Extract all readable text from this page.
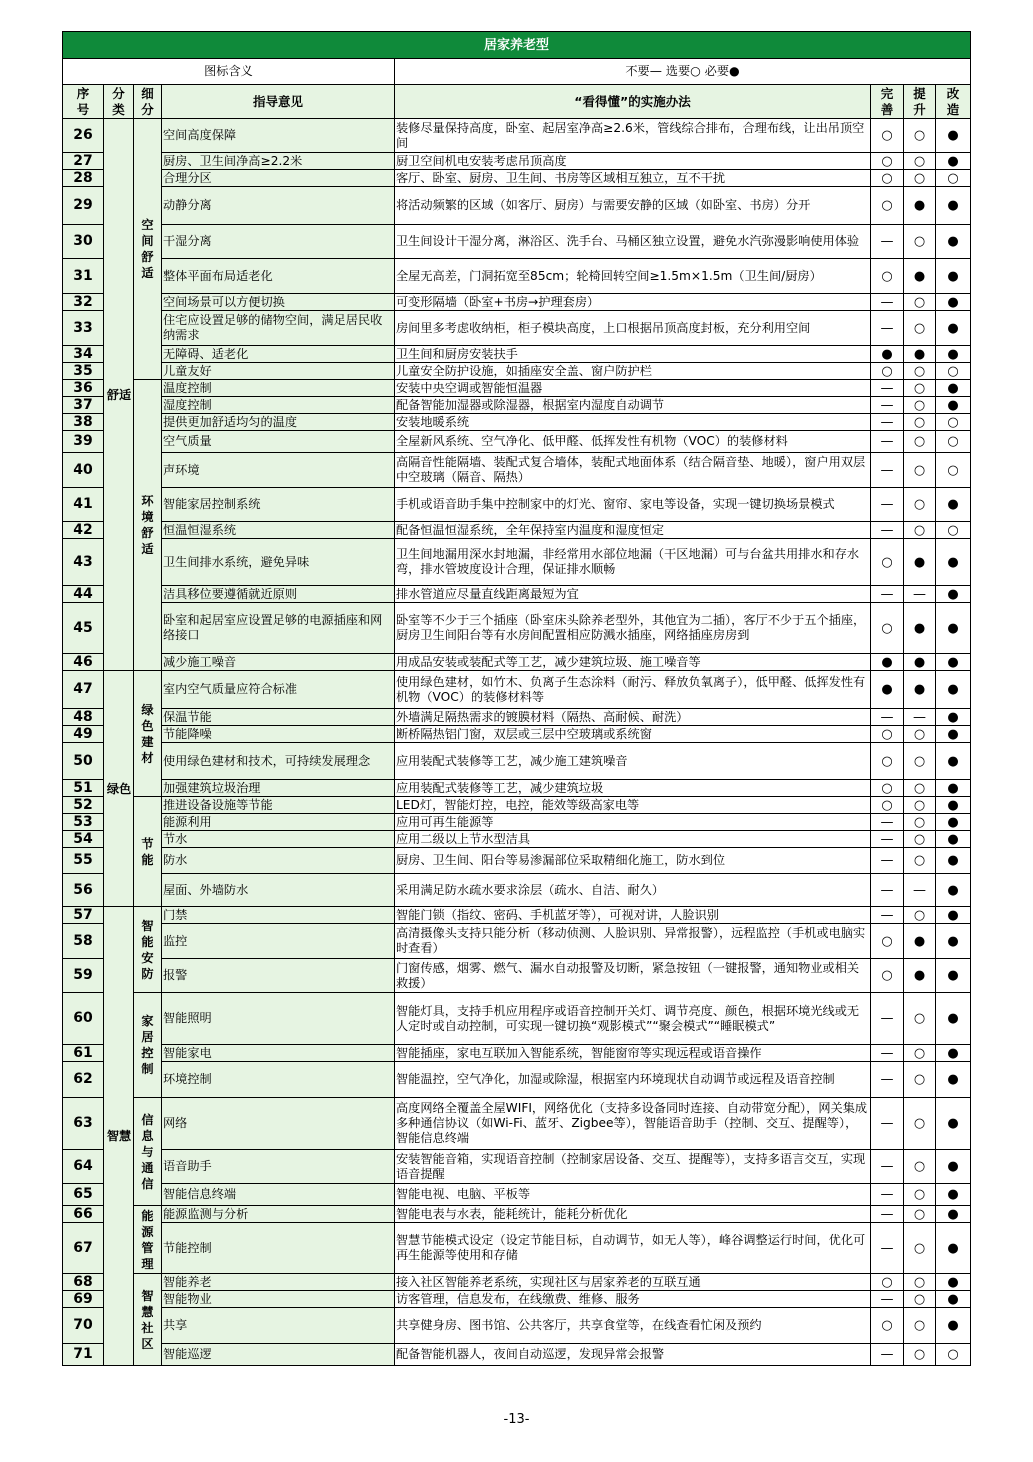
居家养老型							
图标含义				不要— 选要○ 必要●			
序号	分类	细分	指导意见	“看得懂”的实施办法	完善	提升	改造
26	舒适	空间舒适	空间高度保障	装修尽量保持高度，卧室、起居室净高≥2.6米，管线综合排布，合理布线，让出吊顶空间	○	○	●
27			厨房、卫生间净高≥2.2米	厨卫空间机电安装考虑吊顶高度	○	○	●
28			合理分区	客厅、卧室、厨房、卫生间、书房等区域相互独立，互不干扰	○	○	○
29			动静分离	将活动频繁的区域（如客厅、厨房）与需要安静的区域（如卧室、书房）分开	○	●	●
30			干湿分离	卫生间设计干湿分离，淋浴区、洗手台、马桶区独立设置，避免水汽弥漫影响使用体验	—	○	●
31			整体平面布局适老化	全屋无高差，门洞拓宽至85cm；轮椅回转空间≥1.5m×1.5m（卫生间/厨房）	○	●	●
32			空间场景可以方便切换	可变形隔墙（卧室+书房→护理套房）	—	○	●
33			住宅应设置足够的储物空间，满足居民收纳需求	房间里多考虑收纳柜，柜子模块高度，上口根据吊顶高度封板，充分利用空间	—	○	●
34			无障碍、适老化	卫生间和厨房安装扶手	●	●	●
35			儿童友好	儿童安全防护设施，如插座安全盖、窗户防护栏	○	○	○
36		环境舒适	温度控制	安装中央空调或智能恒温器	—	○	●
37			湿度控制	配备智能加湿器或除湿器，根据室内湿度自动调节	—	○	●
38			提供更加舒适均匀的温度	安装地暖系统	—	○	○
39			空气质量	全屋新风系统、空气净化、低甲醛、低挥发性有机物（VOC）的装修材料	—	○	○
40			声环境	高隔音性能隔墙、装配式复合墙体，装配式地面体系（结合隔音垫、地暖），窗户用双层中空玻璃（隔音、隔热）	—	○	○
41			智能家居控制系统	手机或语音助手集中控制家中的灯光、窗帘、家电等设备，实现一键切换场景模式	—	○	●
42			恒温恒湿系统	配备恒温恒湿系统，全年保持室内温度和湿度恒定	—	○	○
43			卫生间排水系统，避免异味	卫生间地漏用深水封地漏，非经常用水部位地漏（干区地漏）可与台盆共用排水和存水弯，排水管坡度设计合理，保证排水顺畅	○	●	●
44			洁具移位要遵循就近原则	排水管道应尽量直线距离最短为宜	—	—	●
45			卧室和起居室应设置足够的电源插座和网络接口	卧室等不少于三个插座（卧室床头除养老型外，其他宜为二插），客厅不少于五个插座，厨房卫生间阳台等有水房间配置相应防溅水插座，网络插座房房到	○	●	●
46			减少施工噪音	用成品安装或装配式等工艺，减少建筑垃圾、施工噪音等	●	●	●
47	绿色	绿色建材	室内空气质量应符合标准	使用绿色建材，如竹木、负离子生态涂料（耐污、释放负氧离子），低甲醛、低挥发性有机物（VOC）的装修材料等	●	●	●
48			保温节能	外墙满足隔热需求的镀膜材料（隔热、高耐候、耐洗）	—	—	●
49			节能降噪	断桥隔热铝门窗，双层或三层中空玻璃或系统窗	○	○	●
50			使用绿色建材和技术，可持续发展理念	应用装配式装修等工艺，减少施工建筑噪音	○	○	●
51			加强建筑垃圾治理	应用装配式装修等工艺，减少建筑垃圾	○	○	●
52		节能	推进设备设施等节能	LED灯，智能灯控，电控，能效等级高家电等	○	○	●
53			能源利用	应用可再生能源等	—	○	●
54			节水	应用二级以上节水型洁具	—	○	●
55			防水	厨房、卫生间、阳台等易渗漏部位采取精细化施工，防水到位	—	○	●
56			屋面、外墙防水	采用满足防水疏水要求涂层（疏水、自洁、耐久）	—	—	●
57	智慧	智能安防	门禁	智能门锁（指纹、密码、手机蓝牙等），可视对讲，人脸识别	—	○	●
58			监控	高清摄像头支持只能分析（移动侦测、人脸识别、异常报警），远程监控（手机或电脑实时查看）	○	●	●
59			报警	门窗传感，烟雾、燃气、漏水自动报警及切断，紧急按钮（一键报警，通知物业或相关救援）	○	●	●
60		家居控制	智能照明	智能灯具，支持手机应用程序或语音控制开关灯、调节亮度、颜色，根据环境光线或无人定时或自动控制，可实现一键切换“观影模式”“聚会模式”“睡眠模式”	—	○	●
61			智能家电	智能插座，家电互联加入智能系统，智能窗帘等实现远程或语音操作	—	○	●
62			环境控制	智能温控，空气净化，加湿或除湿，根据室内环境现状自动调节或远程及语音控制	—	○	●
63		信息与通信	网络	高度网络全覆盖全屋WIFI，网络优化（支持多设备同时连接、自动带宽分配），网关集成多种通信协议（如Wi-Fi、蓝牙、Zigbee等），智能语音助手（控制、交互、提醒等），智能信息终端	—	○	●
64			语音助手	安装智能音箱，实现语音控制（控制家居设备、交互、提醒等），支持多语言交互，实现语音提醒	—	○	●
65			智能信息终端	智能电视、电脑、平板等	—	○	●
66		能源管理	能源监测与分析	智能电表与水表，能耗统计，能耗分析优化	—	○	●
67			节能控制	智慧节能模式设定（设定节能目标，自动调节，如无人等），峰谷调整运行时间，优化可再生能源等使用和存储	—	○	●
68		智慧社区	智能养老	接入社区智能养老系统，实现社区与居家养老的互联互通	○	○	●
69			智能物业	访客管理，信息发布，在线缴费、维修、服务	—	○	●
70			共享	共享健身房、图书馆、公共客厅，共享食堂等，在线查看忙闲及预约	○	○	●
71			智能巡逻	配备智能机器人，夜间自动巡逻，发现异常会报警	—	○	○
-13-
